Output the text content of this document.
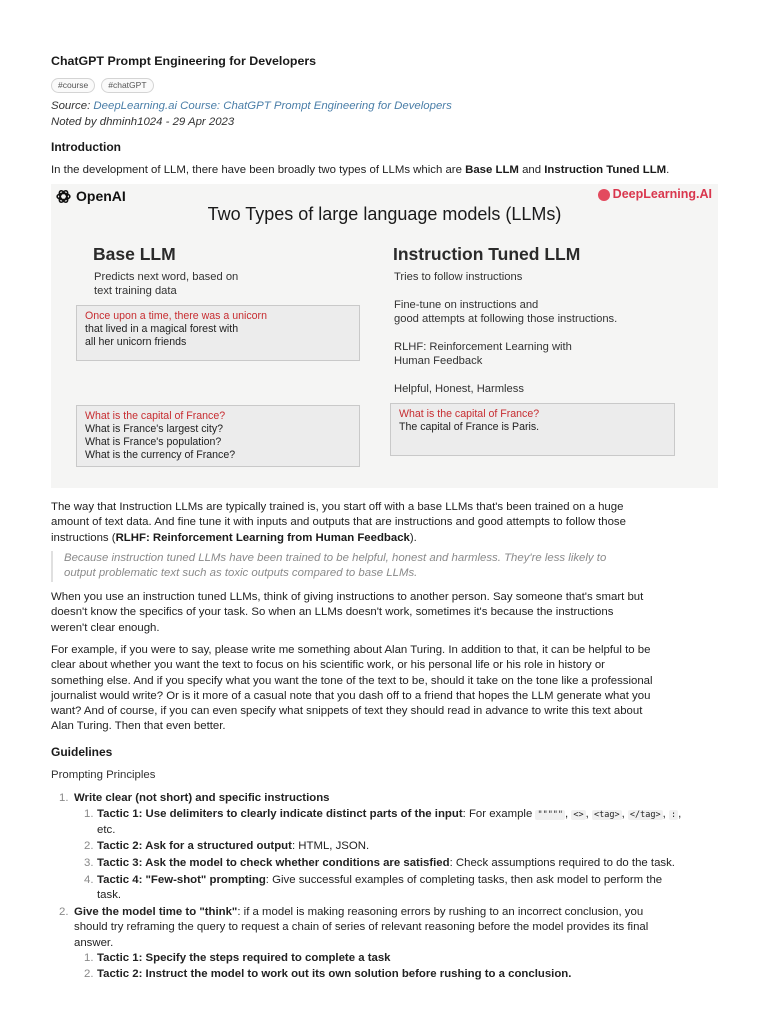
ChatGPT Prompt Engineering for Developers
#course	#chatGPT
Source: DeepLearning.ai Course: ChatGPT Prompt Engineering for Developers
Noted by dhminh1024 - 29 Apr 2023
Introduction
In the development of LLM, there have been broadly two types of LLMs which are Base LLM and Instruction Tuned LLM.
OpenAI	DeepLearning.AI
Two Types of large language models (LLMs)
Base LLM
Predicts next word, based on
text training data
Once upon a time, there was a unicorn
that lived in a magical forest with
all her unicorn friends
What is the capital of France?
What is France's largest city?
What is France's population?
What is the currency of France?
Instruction Tuned LLM
Tries to follow instructions
Fine-tune on instructions and
good attempts at following those instructions.
RLHF: Reinforcement Learning with
Human Feedback
Helpful, Honest, Harmless
What is the capital of France?
The capital of France is Paris.
The way that Instruction LLMs are typically trained is, you start off with a base LLMs that's been trained on a huge
amount of text data. And fine tune it with inputs and outputs that are instructions and good attempts to follow those
instructions (RLHF: Reinforcement Learning from Human Feedback).
Because instruction tuned LLMs have been trained to be helpful, honest and harmless. They're less likely to
output problematic text such as toxic outputs compared to base LLMs.
When you use an instruction tuned LLMs, think of giving instructions to another person. Say someone that's smart but
doesn't know the specifics of your task. So when an LLMs doesn't work, sometimes it's because the instructions
weren't clear enough.
For example, if you were to say, please write me something about Alan Turing. In addition to that, it can be helpful to be
clear about whether you want the text to focus on his scientific work, or his personal life or his role in history or
something else. And if you specify what you want the tone of the text to be, should it take on the tone like a professional
journalist would write? Or is it more of a casual note that you dash off to a friend that hopes the LLM generate what you
want? And of course, if you can even specify what snippets of text they should read in advance to write this text about
Alan Turing. Then that even better.
Guidelines
Prompting Principles
1. Write clear (not short) and specific instructions
1. Tactic 1: Use delimiters to clearly indicate distinct parts of the input: For example """"" , <> , <tag> , </tag> , : ,
etc.
2. Tactic 2: Ask for a structured output: HTML, JSON.
3. Tactic 3: Ask the model to check whether conditions are satisfied: Check assumptions required to do the task.
4. Tactic 4: "Few-shot" prompting: Give successful examples of completing tasks, then ask model to perform the
task.
2. Give the model time to "think": if a model is making reasoning errors by rushing to an incorrect conclusion, you
should try reframing the query to request a chain of series of relevant reasoning before the model provides its final
answer.
1. Tactic 1: Specify the steps required to complete a task
2. Tactic 2: Instruct the model to work out its own solution before rushing to a conclusion.
